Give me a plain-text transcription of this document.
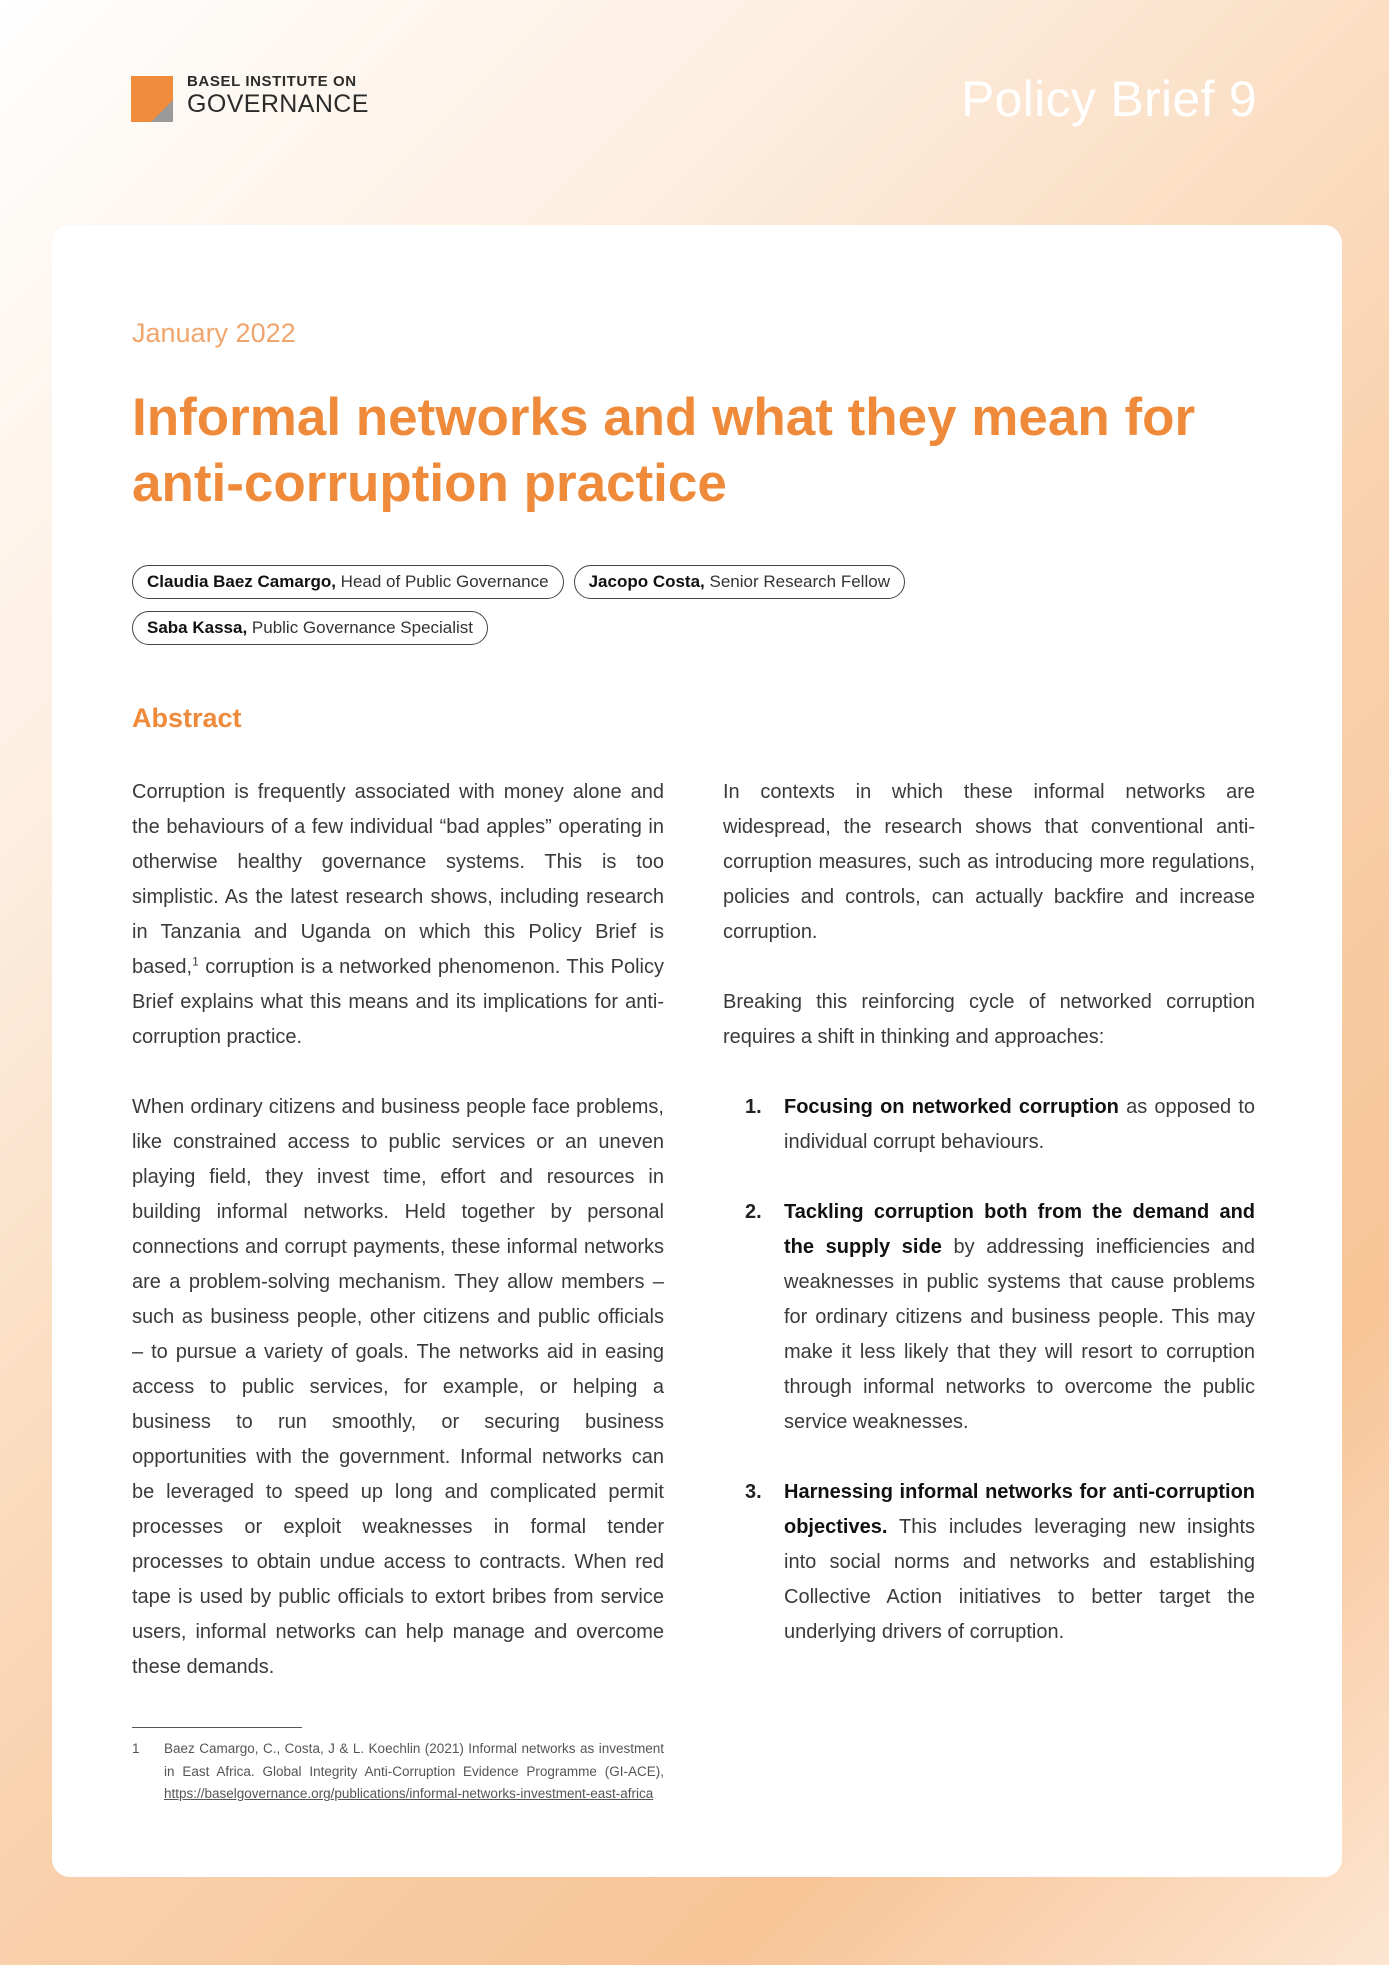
BASEL INSTITUTE ON
GOVERNANCE	Policy Brief 9
January 2022
Informal networks and what they mean for anti-corruption practice
Claudia Baez Camargo, Head of Public Governance	Jacopo Costa, Senior Research Fellow
Saba Kassa, Public Governance Specialist
Abstract

Corruption is frequently associated with money alone and the behaviours of a few individual “bad apples” operating in otherwise healthy governance systems. This is too simplistic. As the latest research shows, including research in Tanzania and Uganda on which this Policy Brief is based,$^1$ corruption is a networked phenomenon. This Policy Brief explains what this means and its implications for anti-corruption practice.

When ordinary citizens and business people face problems, like constrained access to public services or an uneven playing field, they invest time, effort and resources in building informal networks. Held together by personal connections and corrupt payments, these informal networks are a problem-solving mechanism. They allow members – such as business people, other citizens and public officials – to pursue a variety of goals. The networks aid in easing access to public services, for example, or helping a business to run smoothly, or securing business opportunities with the government. Informal networks can be leveraged to speed up long and complicated permit processes or exploit weaknesses in formal tender processes to obtain undue access to contracts. When red tape is used by public officials to extort bribes from service users, informal networks can help manage and overcome these demands.

In contexts in which these informal networks are widespread, the research shows that conventional anti-corruption measures, such as introducing more regulations, policies and controls, can actually backfire and increase corruption.

Breaking this reinforcing cycle of networked corruption requires a shift in thinking and approaches:

1. Focusing on networked corruption as opposed to individual corrupt behaviours.
2. Tackling corruption both from the demand and the supply side by addressing inefficiencies and weaknesses in public systems that cause problems for ordinary citizens and business people. This may make it less likely that they will resort to corruption through informal networks to overcome the public service weaknesses.
3. Harnessing informal networks for anti-corruption objectives. This includes leveraging new insights into social norms and networks and establishing Collective Action initiatives to better target the underlying drivers of corruption.
1	Baez Camargo, C., Costa, J & L. Koechlin (2021) Informal networks as investment in East Africa. Global Integrity Anti-Corruption Evidence Programme (GI-ACE), https://baselgovernance.org/publications/informal-networks-investment-east-africa
